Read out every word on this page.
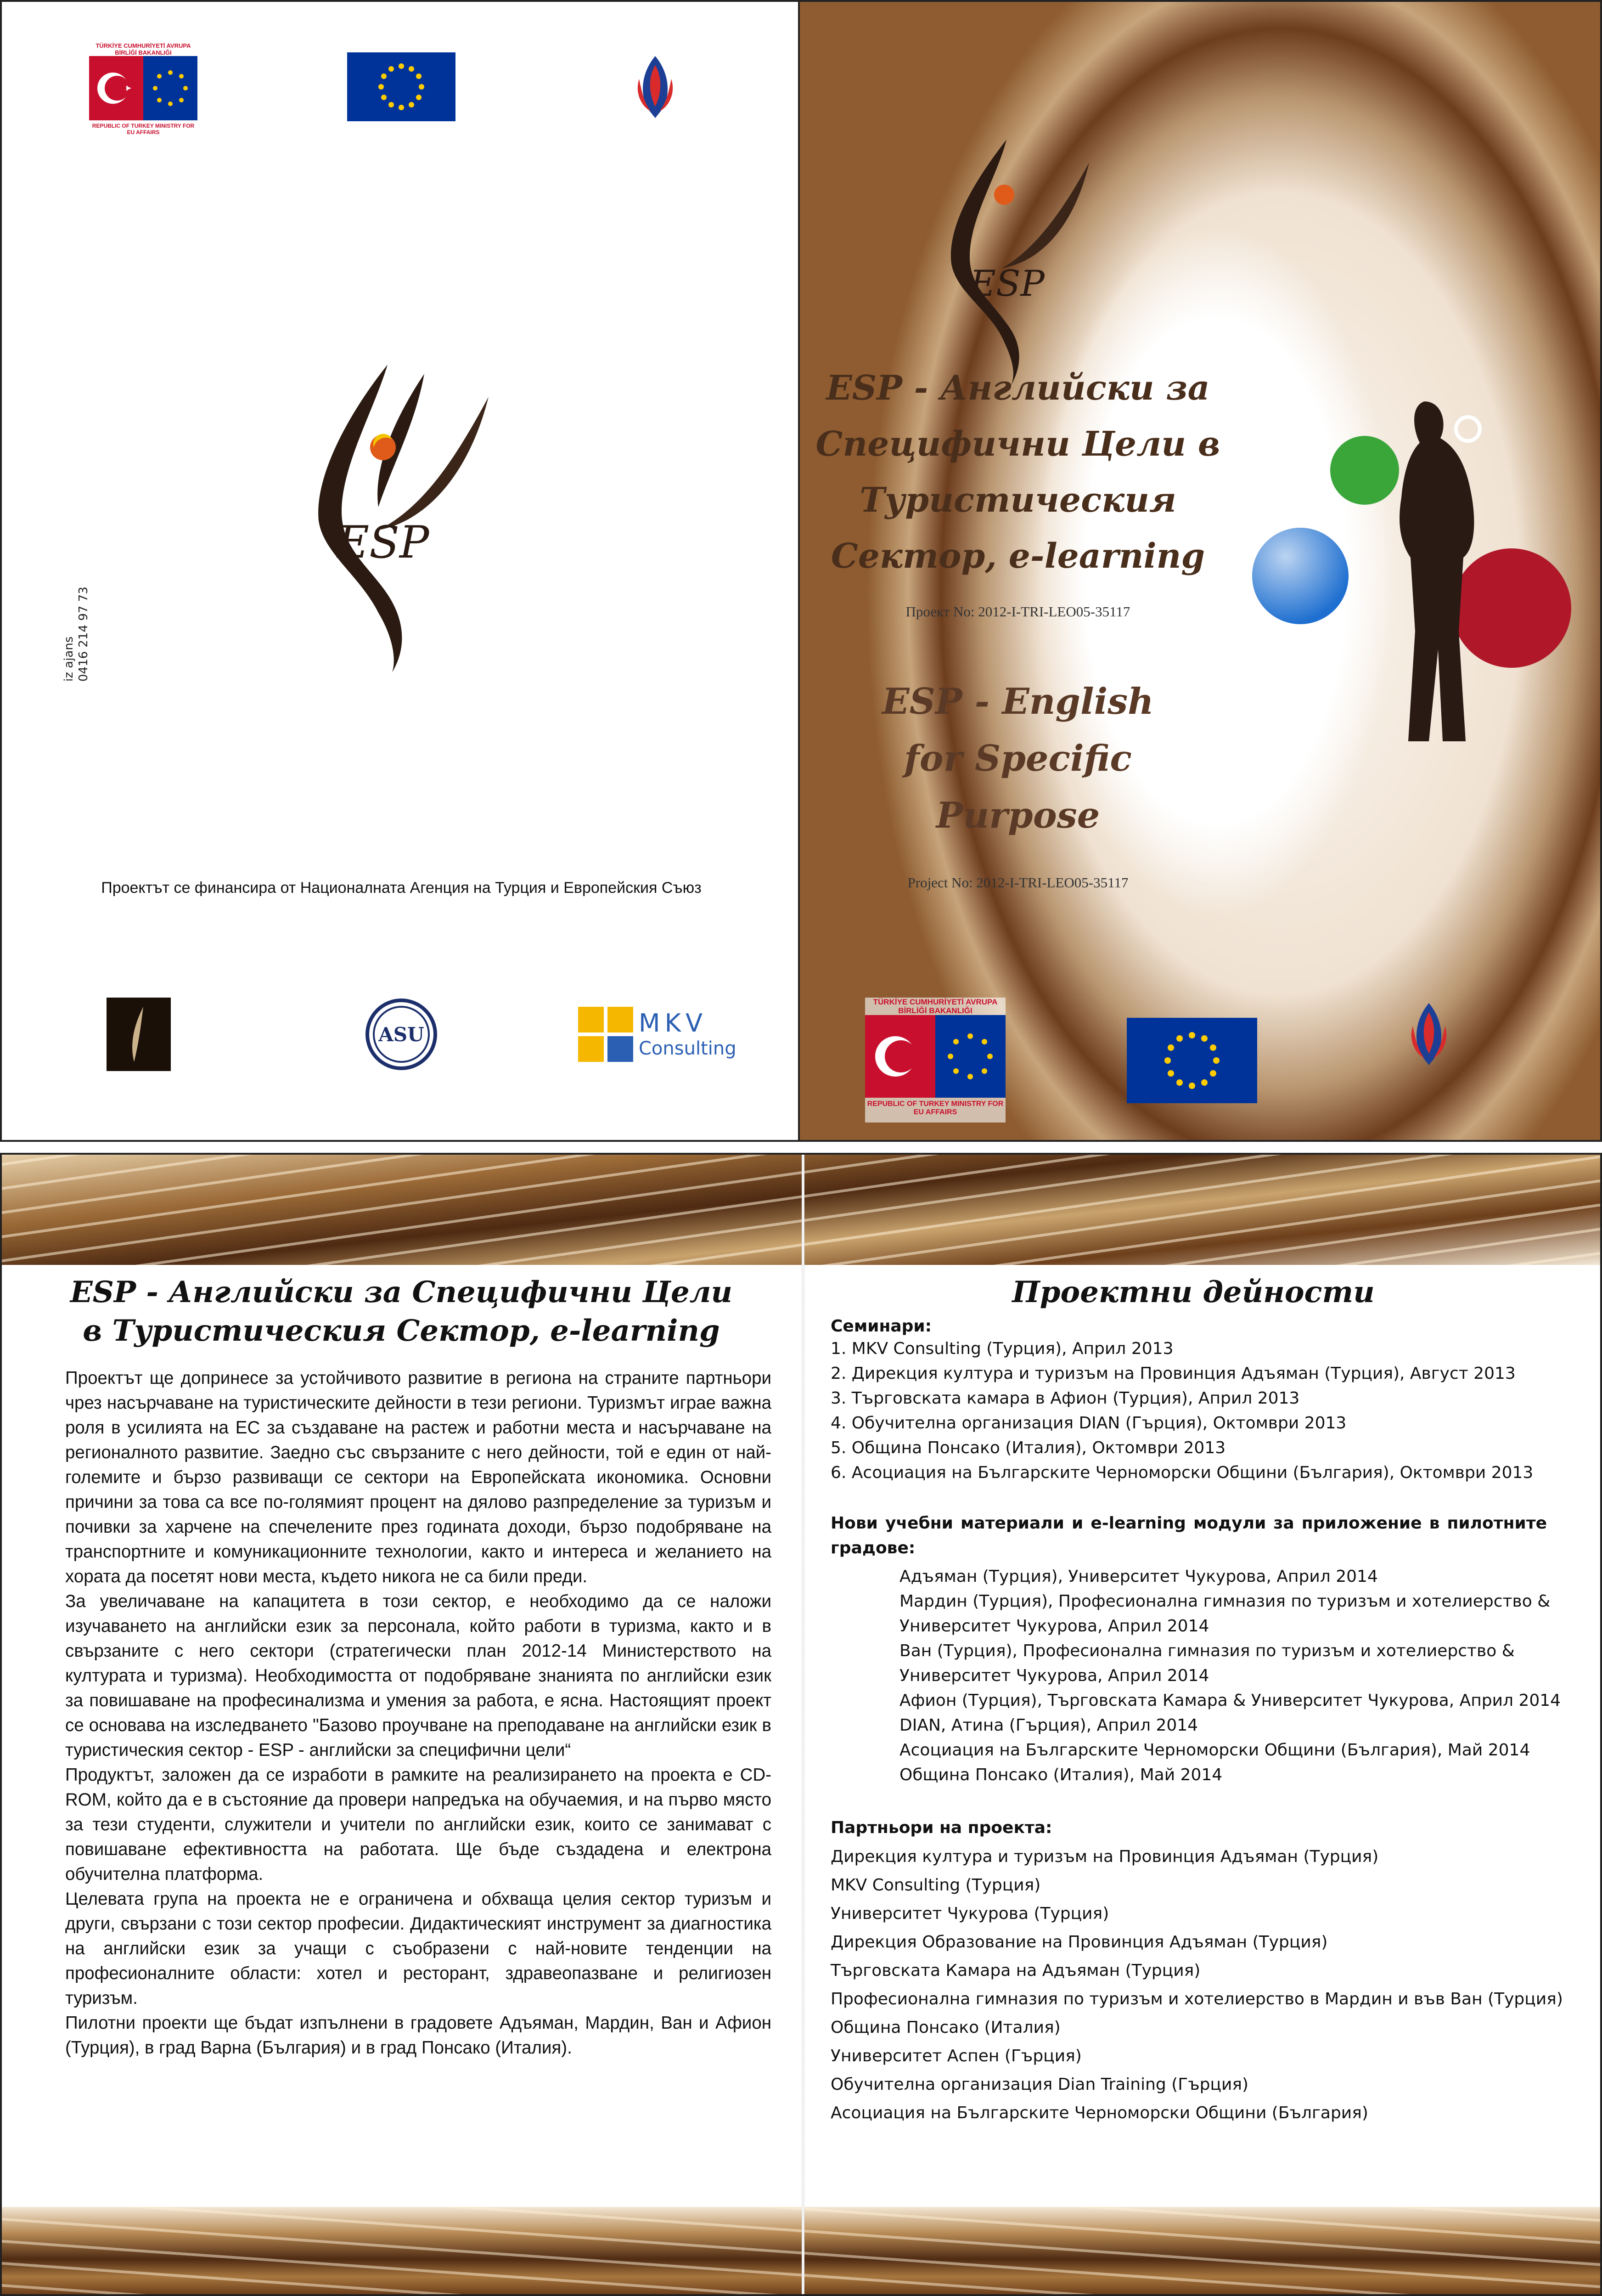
TÜRKİYE CUMHURİYETİ AVRUPA BİRLİĞİ BAKANLIĞI
REPUBLIC OF TURKEY MINISTRY FOR EU AFFAIRS
ESP
iz ajans
0416 214 97 73
Проектът се финансира от Националната Агенция на Турция и Европейския Съюз
ASU	MKV
Consulting
ESP
ESP - Английски за
Специфични Цели в
Туристическия
Сектор, e-learning
Проект No: 2012-I-TRI-LEO05-35117
ESP - English
for Specific
Purpose
Project No: 2012-I-TRI-LEO05-35117
TÜRKİYE CUMHURİYETİ AVRUPA BİRLİĞİ BAKANLIĞI
REPUBLIC OF TURKEY MINISTRY FOR EU AFFAIRS
ESP - Английски за Специфични Цели
в Туристическия Сектор, e-learning

Проектът ще допринесе за устойчивото развитие в региона на страните партньори чрез насърчаване на туристическите дейности в тези региони. Туризмът играе важна роля в усилията на ЕС за създаване на растеж и работни места и насърчаване на регионалното развитие. Заедно със свързаните с него дейности, той е един от най-големите и бързо развиващи се сектори на Европейската икономика. Основни причини за това са все по-голямият процент на дялово разпределение за туризъм и почивки за харчене на спечелените през годината доходи, бързо подобряване на транспортните и комуникационните технологии, както и интереса и желанието на хората да посетят нови места, където никога не са били преди.

За увеличаване на капацитета в този сектор, е необходимо да се наложи изучаването на английски език за персонала, който работи в туризма, както и в свързаните с него сектори (стратегически план 2012-14 Министерството на културата и туризма). Необходимостта от подобряване знанията по английски език за повишаване на професинализма и умения за работа, е ясна. Настоящият проект се основава на изследването "Базово проучване на преподаване на английски език в туристическия сектор - ESP - английски за специфични цели“

Продуктът, заложен да се изработи в рамките на реализирането на проекта е CD-ROM, който да е в състояние да провери напредъка на обучаемия, и на първо място за тези студенти, служители и учители по английски език, които се занимават с повишаване ефективността на работата. Ще бъде създадена и електрона обучителна платформа.

Целевата група на проекта не е ограничена и обхваща целия сектор туризъм и други, свързани с този сектор професии. Дидактическият инструмент за диагностика на английски език за учащи с съобразени с най-новите тенденции на професионалните области: хотел и ресторант, здравеопазване и религиозен туризъм.

Пилотни проекти ще бъдат изпълнени в градовете Адъяман, Мардин, Ван и Афион (Турция), в град Варна (България) и в град Понсако (Италия).

Проектни дейности
Семинари:
1. MKV Consulting (Турция), Април 2013
2. Дирекция култура и туризъм на Провинция Адъяман (Турция), Август 2013
3. Търговската камара в Афион (Турция), Април 2013
4. Обучителна организация DIAN (Гърция), Октомври 2013
5. Община Понсако (Италия), Октомври 2013
6. Асоциация на Българските Черноморски Общини (България), Октомври 2013
Нови учебни материали и e-learning модули за приложение в пилотните градове:
Адъяман (Турция), Университет Чукурова, Април 2014
Мардин (Турция), Професионална гимназия по туризъм и хотелиерство &
Университет Чукурова, Април 2014
Ван (Турция), Професионална гимназия по туризъм и хотелиерство &
Университет Чукурова, Април 2014
Афион (Турция), Търговската Камара & Университет Чукурова, Април 2014
DIAN, Атина (Гърция), Април 2014
Асоциация на Българските Черноморски Общини (България), Май 2014
Община Понсако (Италия), Май 2014
Партньори на проекта:
Дирекция култура и туризъм на Провинция Адъяман (Турция)
MKV Consulting (Турция)
Университет Чукурова (Турция)
Дирекция Образование на Провинция Адъяман (Турция)
Търговската Камара на Адъяман (Турция)
Професионална гимназия по туризъм и хотелиерство в Мардин и във Ван (Турция)
Община Понсако (Италия)
Университет Аспен (Гърция)
Обучителна организация Dian Training (Гърция)
Асоциация на Българските Черноморски Общини (България)
